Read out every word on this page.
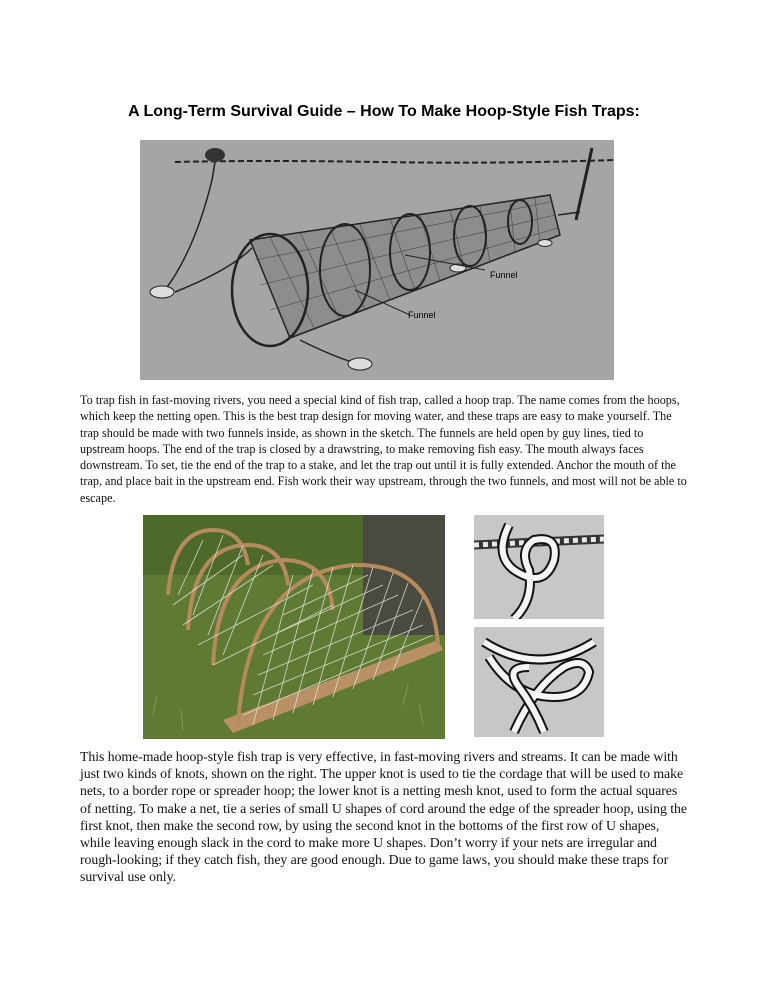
A Long-Term Survival Guide – How To Make Hoop-Style Fish Traps:
Funnel
Funnel
To trap fish in fast-moving rivers, you need a special kind of fish trap, called a hoop trap. The name comes from the hoops, which keep the netting open. This is the best trap design for moving water, and these traps are easy to make yourself. The trap should be made with two funnels inside, as shown in the sketch. The funnels are held open by guy lines, tied to upstream hoops. The end of the trap is closed by a drawstring, to make removing fish easy. The mouth always faces downstream. To set, tie the end of the trap to a stake, and let the trap out until it is fully extended. Anchor the mouth of the trap, and place bait in the upstream end. Fish work their way upstream, through the two funnels, and most will not be able to escape.
This home-made hoop-style fish trap is very effective, in fast-moving rivers and streams. It can be made with just two kinds of knots, shown on the right. The upper knot is used to tie the cordage that will be used to make nets, to a border rope or spreader hoop; the lower knot is a netting mesh knot, used to form the actual squares of netting. To make a net, tie a series of small U shapes of cord around the edge of the spreader hoop, using the first knot, then make the second row, by using the second knot in the bottoms of the first row of U shapes, while leaving enough slack in the cord to make more U shapes. Don’t worry if your nets are irregular and rough-looking; if they catch fish, they are good enough. Due to game laws, you should make these traps for survival use only.
